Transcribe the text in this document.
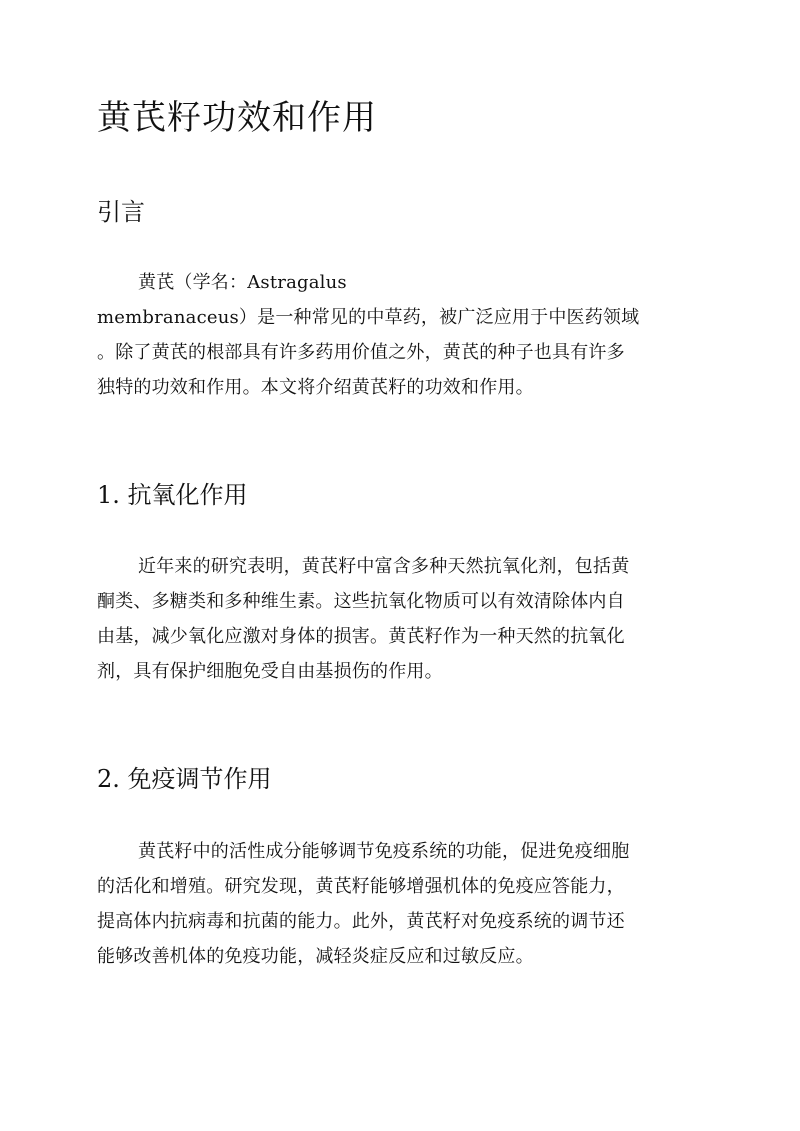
黄芪籽功效和作用
引言
黄芪（学名：Astragalus
membranaceus）是一种常见的中草药，被广泛应用于中医药领域
。除了黄芪的根部具有许多药用价值之外，黄芪的种子也具有许多
独特的功效和作用。本文将介绍黄芪籽的功效和作用。
1. 抗氧化作用
近年来的研究表明，黄芪籽中富含多种天然抗氧化剂，包括黄
酮类、多糖类和多种维生素。这些抗氧化物质可以有效清除体内自
由基，减少氧化应激对身体的损害。黄芪籽作为一种天然的抗氧化
剂，具有保护细胞免受自由基损伤的作用。
2. 免疫调节作用
黄芪籽中的活性成分能够调节免疫系统的功能，促进免疫细胞
的活化和增殖。研究发现，黄芪籽能够增强机体的免疫应答能力，
提高体内抗病毒和抗菌的能力。此外，黄芪籽对免疫系统的调节还
能够改善机体的免疫功能，减轻炎症反应和过敏反应。
